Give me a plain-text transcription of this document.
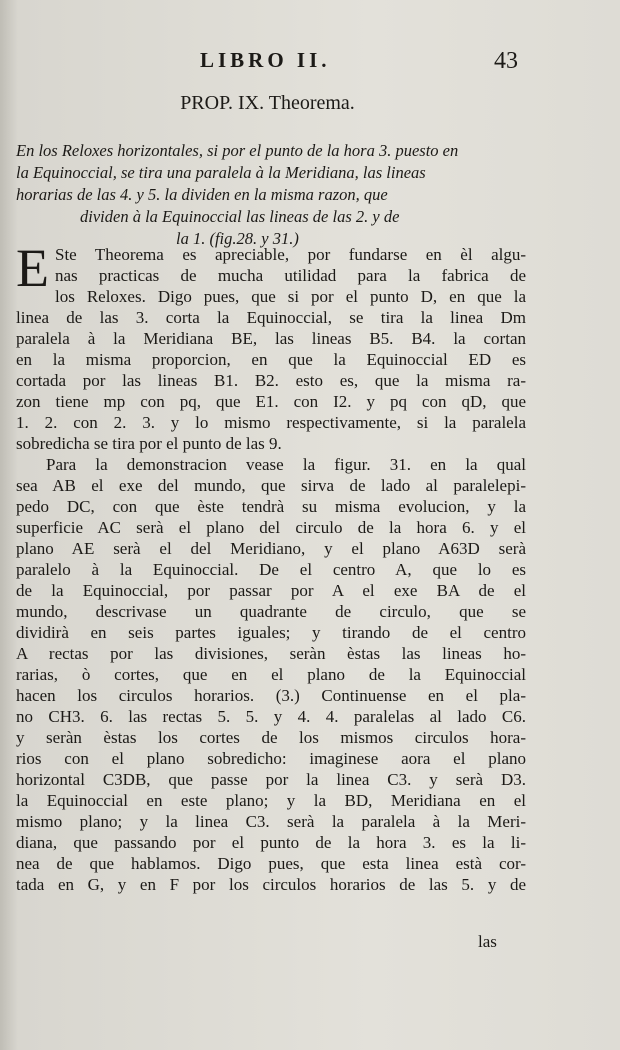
LIBRO II.	43
PROP. IX. Theorema.

En los Reloxes horizontales, si por el punto de la hora 3. puesto en

la Equinoccial, se tira una paralela à la Meridiana, las lineas

horarias de las 4. y 5. la dividen en la misma razon, que

dividen à la Equinoccial las lineas de las 2. y de

la 1. (fig.28. y 31.)

E Ste Theorema es apreciable, por fundarse en èl algu-

nas practicas de mucha utilidad para la fabrica de

los Reloxes. Digo pues, que si por el punto D, en que la

linea de las 3. corta la Equinoccial, se tira la linea Dm

paralela à la Meridiana BE, las lineas B5. B4. la cortan

en la misma proporcion, en que la Equinoccial ED es

cortada por las lineas B1. B2. esto es, que la misma ra-

zon tiene mp con pq, que E1. con I2. y pq con qD, que

1. 2. con 2. 3. y lo mismo respectivamente, si la paralela

sobredicha se tira por el punto de las 9.

Para la demonstracion vease la figur. 31. en la qual

sea AB el exe del mundo, que sirva de lado al paralelepi-

pedo DC, con que èste tendrà su misma evolucion, y la

superficie AC serà el plano del circulo de la hora 6. y el

plano AE serà el del Meridiano, y el plano A63D serà

paralelo à la Equinoccial. De el centro A, que lo es

de la Equinoccial, por passar por A el exe BA de el

mundo, descrivase un quadrante de circulo, que se

dividirà en seis partes iguales; y tirando de el centro

A rectas por las divisiones, seràn èstas las lineas ho-

rarias, ò cortes, que en el plano de la Equinoccial

hacen los circulos horarios. (3.) Continuense en el pla-

no CH3. 6. las rectas 5. 5. y 4. 4. paralelas al lado C6.

y seràn èstas los cortes de los mismos circulos hora-

rios con el plano sobredicho: imaginese aora el plano

horizontal C3DB, que passe por la linea C3. y serà D3.

la Equinoccial en este plano; y la BD, Meridiana en el

mismo plano; y la linea C3. serà la paralela à la Meri-

diana, que passando por el punto de la hora 3. es la li-

nea de que hablamos. Digo pues, que esta linea està cor-

tada en G, y en F por los circulos horarios de las 5. y de

las
